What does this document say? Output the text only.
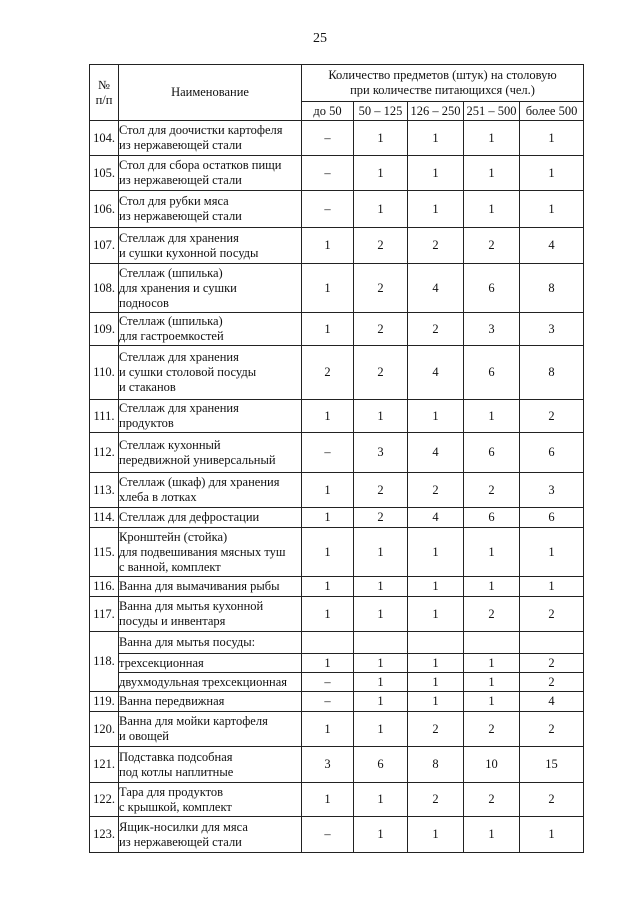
25
№
п/п	Наименование	Количество предметов (штук) на столовую
при количестве питающихся (чел.)				
		до 50	50 – 125	126 – 250	251 – 500	более 500
104.	Стол для доочистки картофеля
из нержавеющей стали	–	1	1	1	1
105.	Стол для сбора остатков пищи
из нержавеющей стали	–	1	1	1	1
106.	Стол для рубки мяса
из нержавеющей стали	–	1	1	1	1
107.	Стеллаж для хранения
и сушки кухонной посуды	1	2	2	2	4
108.	Стеллаж (шпилька)
для хранения и сушки
подносов	1	2	4	6	8
109.	Стеллаж (шпилька)
для гастроемкостей	1	2	2	3	3
110.	Стеллаж для хранения
и сушки столовой посуды
и стаканов	2	2	4	6	8
111.	Стеллаж для хранения
продуктов	1	1	1	1	2
112.	Стеллаж кухонный
передвижной универсальный	–	3	4	6	6
113.	Стеллаж (шкаф) для хранения
хлеба в лотках	1	2	2	2	3
114.	Стеллаж для дефростации	1	2	4	6	6
115.	Кронштейн (стойка)
для подвешивания мясных туш
с ванной, комплект	1	1	1	1	1
116.	Ванна для вымачивания рыбы	1	1	1	1	1
117.	Ванна для мытья кухонной
посуды и инвентаря	1	1	1	2	2
118.	Ванна для мытья посуды:					
	трехсекционная	1	1	1	1	2
	двухмодульная трехсекционная	–	1	1	1	2
119.	Ванна передвижная	–	1	1	1	4
120.	Ванна для мойки картофеля
и овощей	1	1	2	2	2
121.	Подставка подсобная
под котлы наплитные	3	6	8	10	15
122.	Тара для продуктов
с крышкой, комплект	1	1	2	2	2
123.	Ящик-носилки для мяса
из нержавеющей стали	–	1	1	1	1
